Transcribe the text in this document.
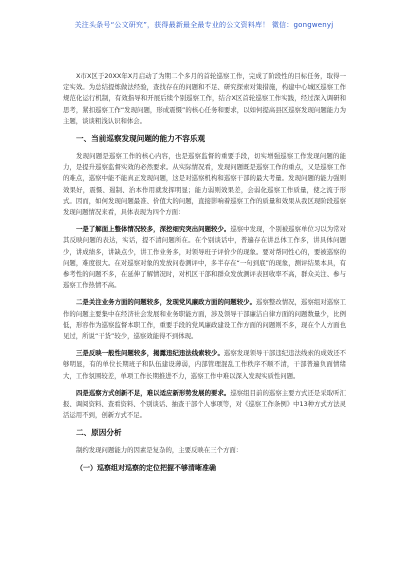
关注头条号“公文研究”，获得最新最全最专业的公文资料库！ 微信：gongwenyj

X市X区于20XX年X月启动了为期二个多月的首轮巡察工作，完成了阶段性的目标任务，取得一定实效。为总结提炼做法经验，查找存在的问题和不足、研究探索对策措施，构建中心城区巡察工作规范化运行机制，有效指导和开展后续个别巡察工作，结合X区首轮巡察工作实践，经过深入调研和思考，紧扣巡察工作“发现问题，形成震慑”的核心任务和要求，以如何提高县区巡察发现问题能力为主题，谈谈粗浅认识和体会。

一、当前巡察发现问题的能力不容乐观

发现问题是巡察工作的核心内容，也是巡察监督的重要手段，切实增强巡察工作发现问题的能力，是提升巡察监督实效的必然要求。从实际情况看，发现问题既是巡察工作的重点，又是巡察工作的难点，巡察中能不能真正发现问题，这是对巡察机构和巡察干部的最大考量。发现问题的能力强则效果好，震慑、遏制、治本作用就发挥明显；能力弱则效果差，会弱化巡察工作质量，使之流于形式。因而，如何发现问题最准、价值大的问题，直接影响着巡察工作的质量和效果从我区现阶段巡察发现问题情况来看，具体表现为四个方面：

一是了解面上整体情况较多，深挖细究突出问题较少。巡察中发现，个别被巡察单位习以为常对其反映问题的表达，实话，提不清问题所在。在个别谈话中，普遍存在讲总体工作多，讲具体问题少，讲成绩多，讲缺点少，讲工作业务多，对领导班子评价少的现象。要对帮同性心的，要被巡察的问题，难度很大。在对巡察对象的发放问卷测评中，多半存在“一句到底”的现象，测评结果本具，有参考性的问题不多，在延伸了解情况时，对机区干部和群众发放测评表回收率不高，群众关注、参与巡察工作热情不高。

二是关注业务方面的问题较多，发现党风廉政方面的问题较少。巡察整改情况，巡察组对巡察工作的问题主要集中在经济社会发展和业务职能方面，涉及领导干部廉洁自律方面的问题数量少，比例低，形容作为巡察监督本职工作，重要手段的党风廉政建设工作方面的问题则不多，现在个人方面也见过，所说“干货”较少，巡察效能得不到体现。

三是反映一般性问题较多，揭露违纪违法线索较少。巡察发现领导干部违纪违法线索的成效还不够明显，有的单位长期班子和队伍建设薄弱，内部管理混乱工作秩序不顺不清，干部普遍负面情绪大，工作氛围较差，单项工作长期推进不力，巡察工作中难以深入发现实质性问题。

四是巡察方式创新不足，难以适应新形势发展的要求。巡察组目前的巡察主要方式还是采取听汇报、调阅资料、查看资料、个别谈话、抽查干部个人事项等，对《巡察工作条例》中13种方式方法灵活运用不到，创新方式不足。

二、原因分析

制约发现问题能力的因素是复杂的，主要反映在三个方面：

（一）巡察组对巡察的定位把握不够清晰准确
